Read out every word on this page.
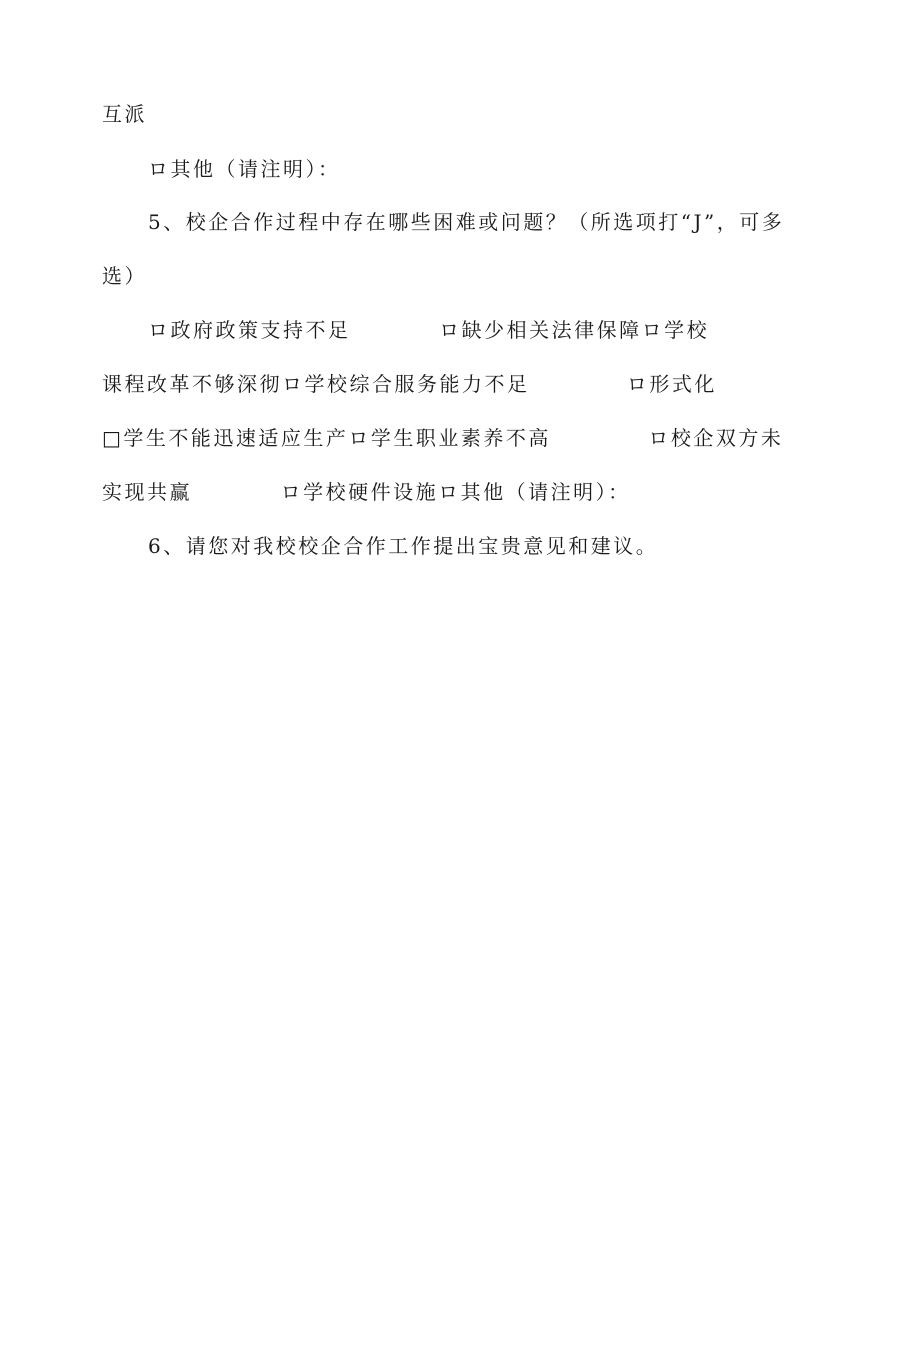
互派
ロ其他（请注明）：
5、校企合作过程中存在哪些困难或问题？（所选项打“J”，可多
选）
ロ政府政策支持不足          ロ缺少相关法律保障ロ学校
课程改革不够深彻ロ学校综合服务能力不足           ロ形式化
□学生不能迅速适应生产ロ学生职业素养不高           ロ校企双方未
实现共赢          ロ学校硬件设施ロ其他（请注明）：
6、请您对我校校企合作工作提出宝贵意见和建议。
